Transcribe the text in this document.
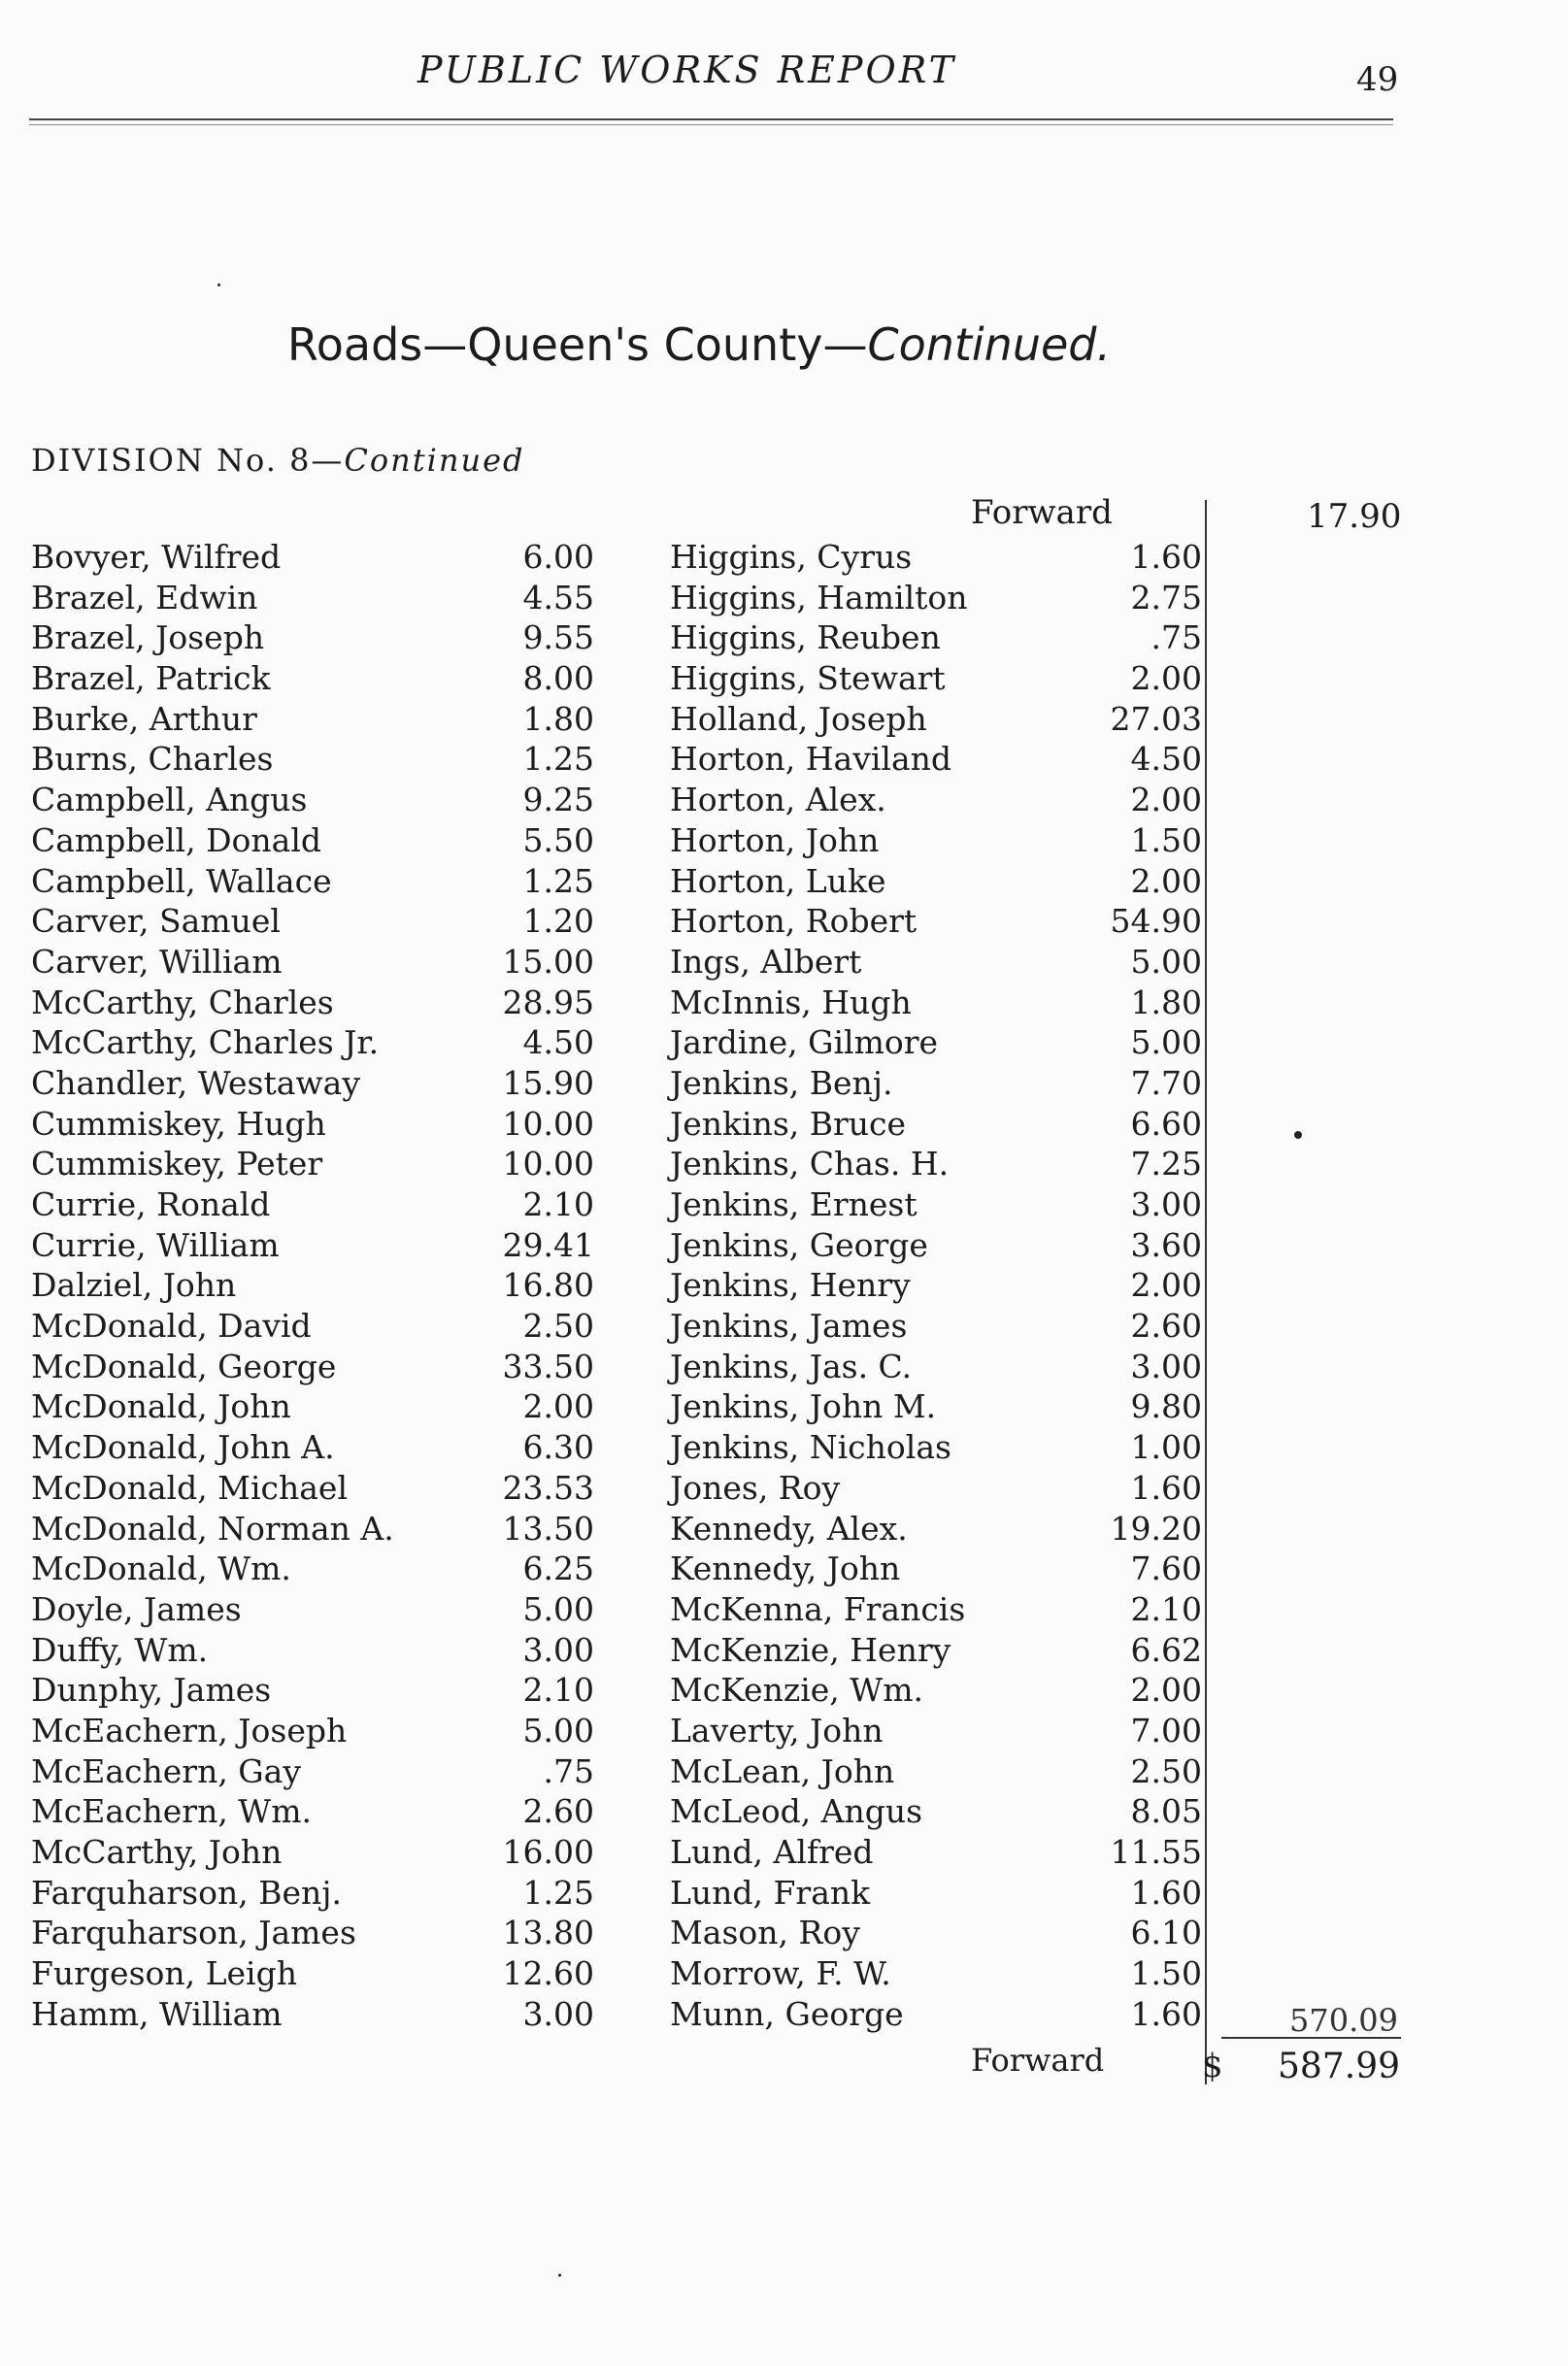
PUBLIC WORKS REPORT	49
Roads—Queen's County—Continued.
DIVISION No. 8—Continued
Forward	17.90
Bovyer, Wilfred	6.00
Brazel, Edwin	4.55
Brazel, Joseph	9.55
Brazel, Patrick	8.00
Burke, Arthur	1.80
Burns, Charles	1.25
Campbell, Angus	9.25
Campbell, Donald	5.50
Campbell, Wallace	1.25
Carver, Samuel	1.20
Carver, William	15.00
McCarthy, Charles	28.95
McCarthy, Charles Jr.	4.50
Chandler, Westaway	15.90
Cummiskey, Hugh	10.00
Cummiskey, Peter	10.00
Currie, Ronald	2.10
Currie, William	29.41
Dalziel, John	16.80
McDonald, David	2.50
McDonald, George	33.50
McDonald, John	2.00
McDonald, John A.	6.30
McDonald, Michael	23.53
McDonald, Norman A.	13.50
McDonald, Wm.	6.25
Doyle, James	5.00
Duffy, Wm.	3.00
Dunphy, James	2.10
McEachern, Joseph	5.00
McEachern, Gay	.75
McEachern, Wm.	2.60
McCarthy, John	16.00
Farquharson, Benj.	1.25
Farquharson, James	13.80
Furgeson, Leigh	12.60
Hamm, William	3.00
Higgins, Cyrus	1.60
Higgins, Hamilton	2.75
Higgins, Reuben	.75
Higgins, Stewart	2.00
Holland, Joseph	27.03
Horton, Haviland	4.50
Horton, Alex.	2.00
Horton, John	1.50
Horton, Luke	2.00
Horton, Robert	54.90
Ings, Albert	5.00
McInnis, Hugh	1.80
Jardine, Gilmore	5.00
Jenkins, Benj.	7.70
Jenkins, Bruce	6.60
Jenkins, Chas. H.	7.25
Jenkins, Ernest	3.00
Jenkins, George	3.60
Jenkins, Henry	2.00
Jenkins, James	2.60
Jenkins, Jas. C.	3.00
Jenkins, John M.	9.80
Jenkins, Nicholas	1.00
Jones, Roy	1.60
Kennedy, Alex.	19.20
Kennedy, John	7.60
McKenna, Francis	2.10
McKenzie, Henry	6.62
McKenzie, Wm.	2.00
Laverty, John	7.00
McLean, John	2.50
McLeod, Angus	8.05
Lund, Alfred	11.55
Lund, Frank	1.60
Mason, Roy	6.10
Morrow, F. W.	1.50
Munn, George	1.60	570.09
Forward	$	587.99
